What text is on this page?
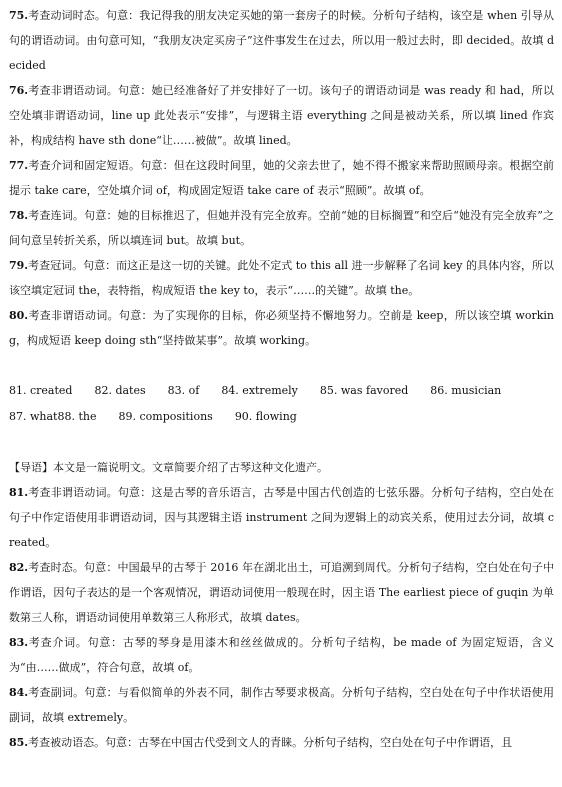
75.考查动词时态。句意：我记得我的朋友决定买她的第一套房子的时候。分析句子结构，该空是 when 引导从句的谓语动词。由句意可知，“我朋友决定买房子”这件事发生在过去，所以用一般过去时，即 decided。故填 decided

76.考查非谓语动词。句意：她已经准备好了并安排好了一切。该句子的谓语动词是 was ready 和 had，所以空处填非谓语动词，line up 此处表示“安排”，与逻辑主语 everything 之间是被动关系，所以填 lined 作宾补，构成结构 have sth done“让……被做”。故填 lined。

77.考查介词和固定短语。句意：但在这段时间里，她的父亲去世了，她不得不搬家来帮助照顾母亲。根据空前提示 take care，空处填介词 of，构成固定短语 take care of 表示“照顾”。故填 of。

78.考查连词。句意：她的目标推迟了，但她并没有完全放弃。空前“她的目标搁置”和空后“她没有完全放弃”之间句意呈转折关系，所以填连词 but。故填 but。

79.考查冠词。句意：而这正是这一切的关键。此处不定式 to this all 进一步解释了名词 key 的具体内容，所以该空填定冠词 the，表特指，构成短语 the key to，表示“……的关键”。故填 the。

80.考查非谓语动词。句意：为了实现你的目标，你必须坚持不懈地努力。空前是 keep，所以该空填 working，构成短语 keep doing sth“坚持做某事”。故填 working。

81. created 82. dates 83. of 84. extremely 85. was favored 86. musician
87. what 88. the 89. compositions 90. flowing

【导语】本文是一篇说明文。文章简要介绍了古琴这种文化遗产。

81.考查非谓语动词。句意：这是古琴的音乐语言，古琴是中国古代创造的七弦乐器。分析句子结构，空白处在句子中作定语使用非谓语动词，因与其逻辑主语 instrument 之间为逻辑上的动宾关系，使用过去分词，故填 created。

82.考查时态。句意：中国最早的古琴于 2016 年在湖北出土，可追溯到周代。分析句子结构，空白处在句子中作谓语，因句子表达的是一个客观情况，谓语动词使用一般现在时，因主语 The earliest piece of guqin 为单数第三人称，谓语动词使用单数第三人称形式，故填 dates。

83.考查介词。句意：古琴的琴身是用漆木和丝丝做成的。分析句子结构，be made of 为固定短语，含义为“由……做成”，符合句意，故填 of。

84.考查副词。句意：与看似简单的外表不同，制作古琴要求极高。分析句子结构，空白处在句子中作状语使用副词，故填 extremely。

85.考查被动语态。句意：古琴在中国古代受到文人的青睐。分析句子结构，空白处在句子中作谓语，且
